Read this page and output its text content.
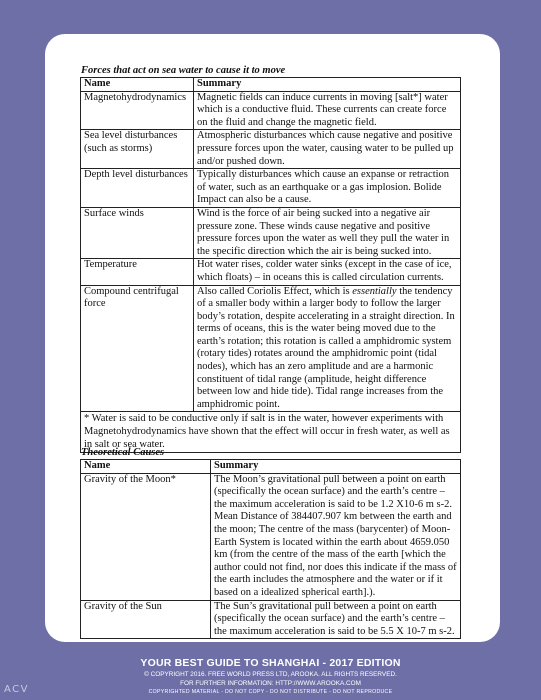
Forces that act on sea water to cause it to move
Name	Summary
Magnetohydrodynamics	Magnetic fields can induce currents in moving [salt*] water which is a conductive fluid. These currents can create force on the fluid and change the magnetic field.
Sea level disturbances (such as storms)	Atmospheric disturbances which cause negative and positive pressure forces upon the water, causing water to be pulled up and/or pushed down.
Depth level disturbances	Typically disturbances which cause an expanse or retraction of water, such as an earthquake or a gas implosion. Bolide Impact can also be a cause.
Surface winds	Wind is the force of air being sucked into a negative air pressure zone. These winds cause negative and positive pressure forces upon the water as well they pull the water in the specific direction which the air is being sucked into.
Temperature	Hot water rises, colder water sinks (except in the case of ice, which floats) – in oceans this is called circulation currents.
Compound centrifugal force	Also called Coriolis Effect, which is essentially the tendency of a smaller body within a larger body to follow the larger body’s rotation, despite accelerating in a straight direction. In terms of oceans, this is the water being moved due to the earth’s rotation; this rotation is called a amphidromic system (rotary tides) rotates around the amphidromic point (tidal nodes), which has an zero amplitude and are a harmonic constituent of tidal range (amplitude, height difference between low and hide tide). Tidal range increases from the amphidromic point.
* Water is said to be conductive only if salt is in the water, however experiments with Magnetohydrodynamics have shown that the effect will occur in fresh water, as well as in salt or sea water.	
Theoretical Causes
Name	Summary
Gravity of the Moon*	The Moon’s gravitational pull between a point on earth (specifically the ocean surface) and the earth’s centre – the maximum acceleration is said to be 1.2 X10-6 m s-2.
Mean Distance of 384407.907 km between the earth and the moon; The centre of the mass (barycenter) of Moon-Earth System is located within the earth about 4659.050 km (from the centre of the mass of the earth [which the author could not find, nor does this indicate if the mass of the earth includes the atmosphere and the water or if it based on a idealized spherical earth].).

Gravity of the Sun	The Sun’s gravitational pull between a point on earth (specifically the ocean surface) and the earth’s centre – the maximum acceleration is said to be 5.5 X 10-7 m s-2.
YOUR BEST GUIDE TO SHANGHAI - 2017 EDITION
© COPYRIGHT 2016. FREE WORLD PRESS LTD, AROOKA. ALL RIGHTS RESERVED.
FOR FURTHER INFORMATION: HTTP://WWW.AROOKA.COM
COPYRIGHTED MATERIAL - DO NOT COPY - DO NOT DISTRIBUTE - DO NOT REPRODUCE
ACV
